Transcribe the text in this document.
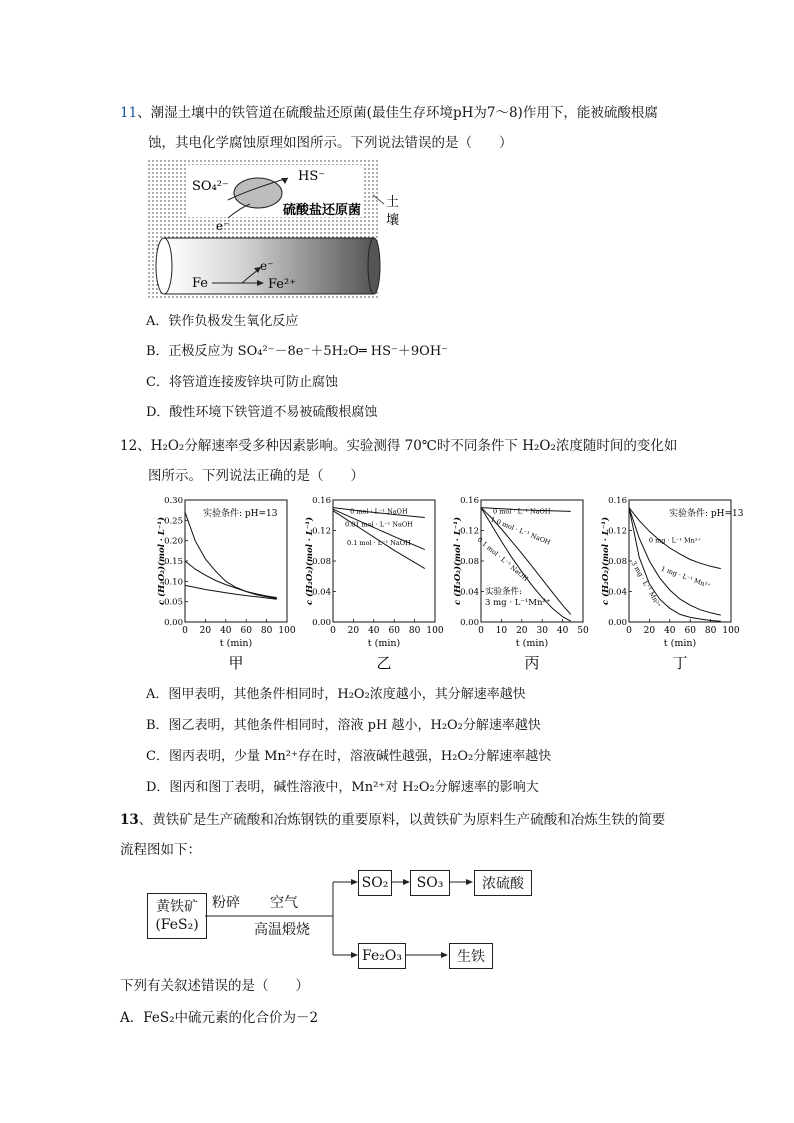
11、潮湿土壤中的铁管道在硫酸盐还原菌(最佳生存环境pH为7～8)作用下，能被硫酸根腐
蚀，其电化学腐蚀原理如图所示。下列说法错误的是（　　）
SO₄²⁻
HS⁻
硫酸盐还原菌
e⁻
土
壤
Fe
e⁻
Fe²⁺
A．铁作负极发生氧化反应
B．正极反应为 SO₄²⁻－8e⁻＋5H₂O═ HS⁻＋9OH⁻
C．将管道连接废锌块可防止腐蚀
D．酸性环境下铁管道不易被硫酸根腐蚀
12、H₂O₂分解速率受多种因素影响。实验测得 70℃时不同条件下 H₂O₂浓度随时间的变化如
图所示。下列说法正确的是（　　）
0 20 40 60 80 100
0.00
0.05
0.10
0.15
0.20
0.25
0.30
c (H₂O₂)(mol · L⁻¹)
t (min)
甲
实验条件: pH=13
0 20 40 60 80 100
0.00
0.04
0.08
0.12
0.16
c (H₂O₂)(mol · L⁻¹)
t (min)
乙
0 mol · L⁻¹ NaOH
0.01 mol · L⁻¹ NaOH
0.1 mol · L⁻¹ NaOH
0 10 20 30 40 50
0.00
0.04
0.08
0.12
0.16
c (H₂O₂)(mol · L⁻¹)
t (min)
丙
0 mol · L⁻¹ NaOH
1.0 mol · L⁻¹ NaOH
0.1 mol · L⁻¹ NaOH
实验条件:
3 mg · L⁻¹Mn²⁺
0 20 40 60 80 100
0.00
0.04
0.08
0.12
0.16
c (H₂O₂)(mol · L⁻¹)
t (min)
丁
0 mg · L⁻¹ Mn²⁺
1 mg · L⁻¹ Mn²⁺
3 mg · L⁻¹ Mn²⁺
实验条件: pH=13
A．图甲表明，其他条件相同时，H₂O₂浓度越小，其分解速率越快
B．图乙表明，其他条件相同时，溶液 pH 越小，H₂O₂分解速率越快
C．图丙表明，少量 Mn²⁺存在时，溶液碱性越强，H₂O₂分解速率越快
D．图丙和图丁表明，碱性溶液中，Mn²⁺对 H₂O₂分解速率的影响大
13、黄铁矿是生产硫酸和冶炼钢铁的重要原料，以黄铁矿为原料生产硫酸和冶炼生铁的简要
流程图如下：
黄铁矿
(FeS₂)
粉碎 空气
高温煅烧
SO₂	SO₃	浓硫酸
Fe₂O₃	生铁
下列有关叙述错误的是（　　）
A．FeS₂中硫元素的化合价为－2
